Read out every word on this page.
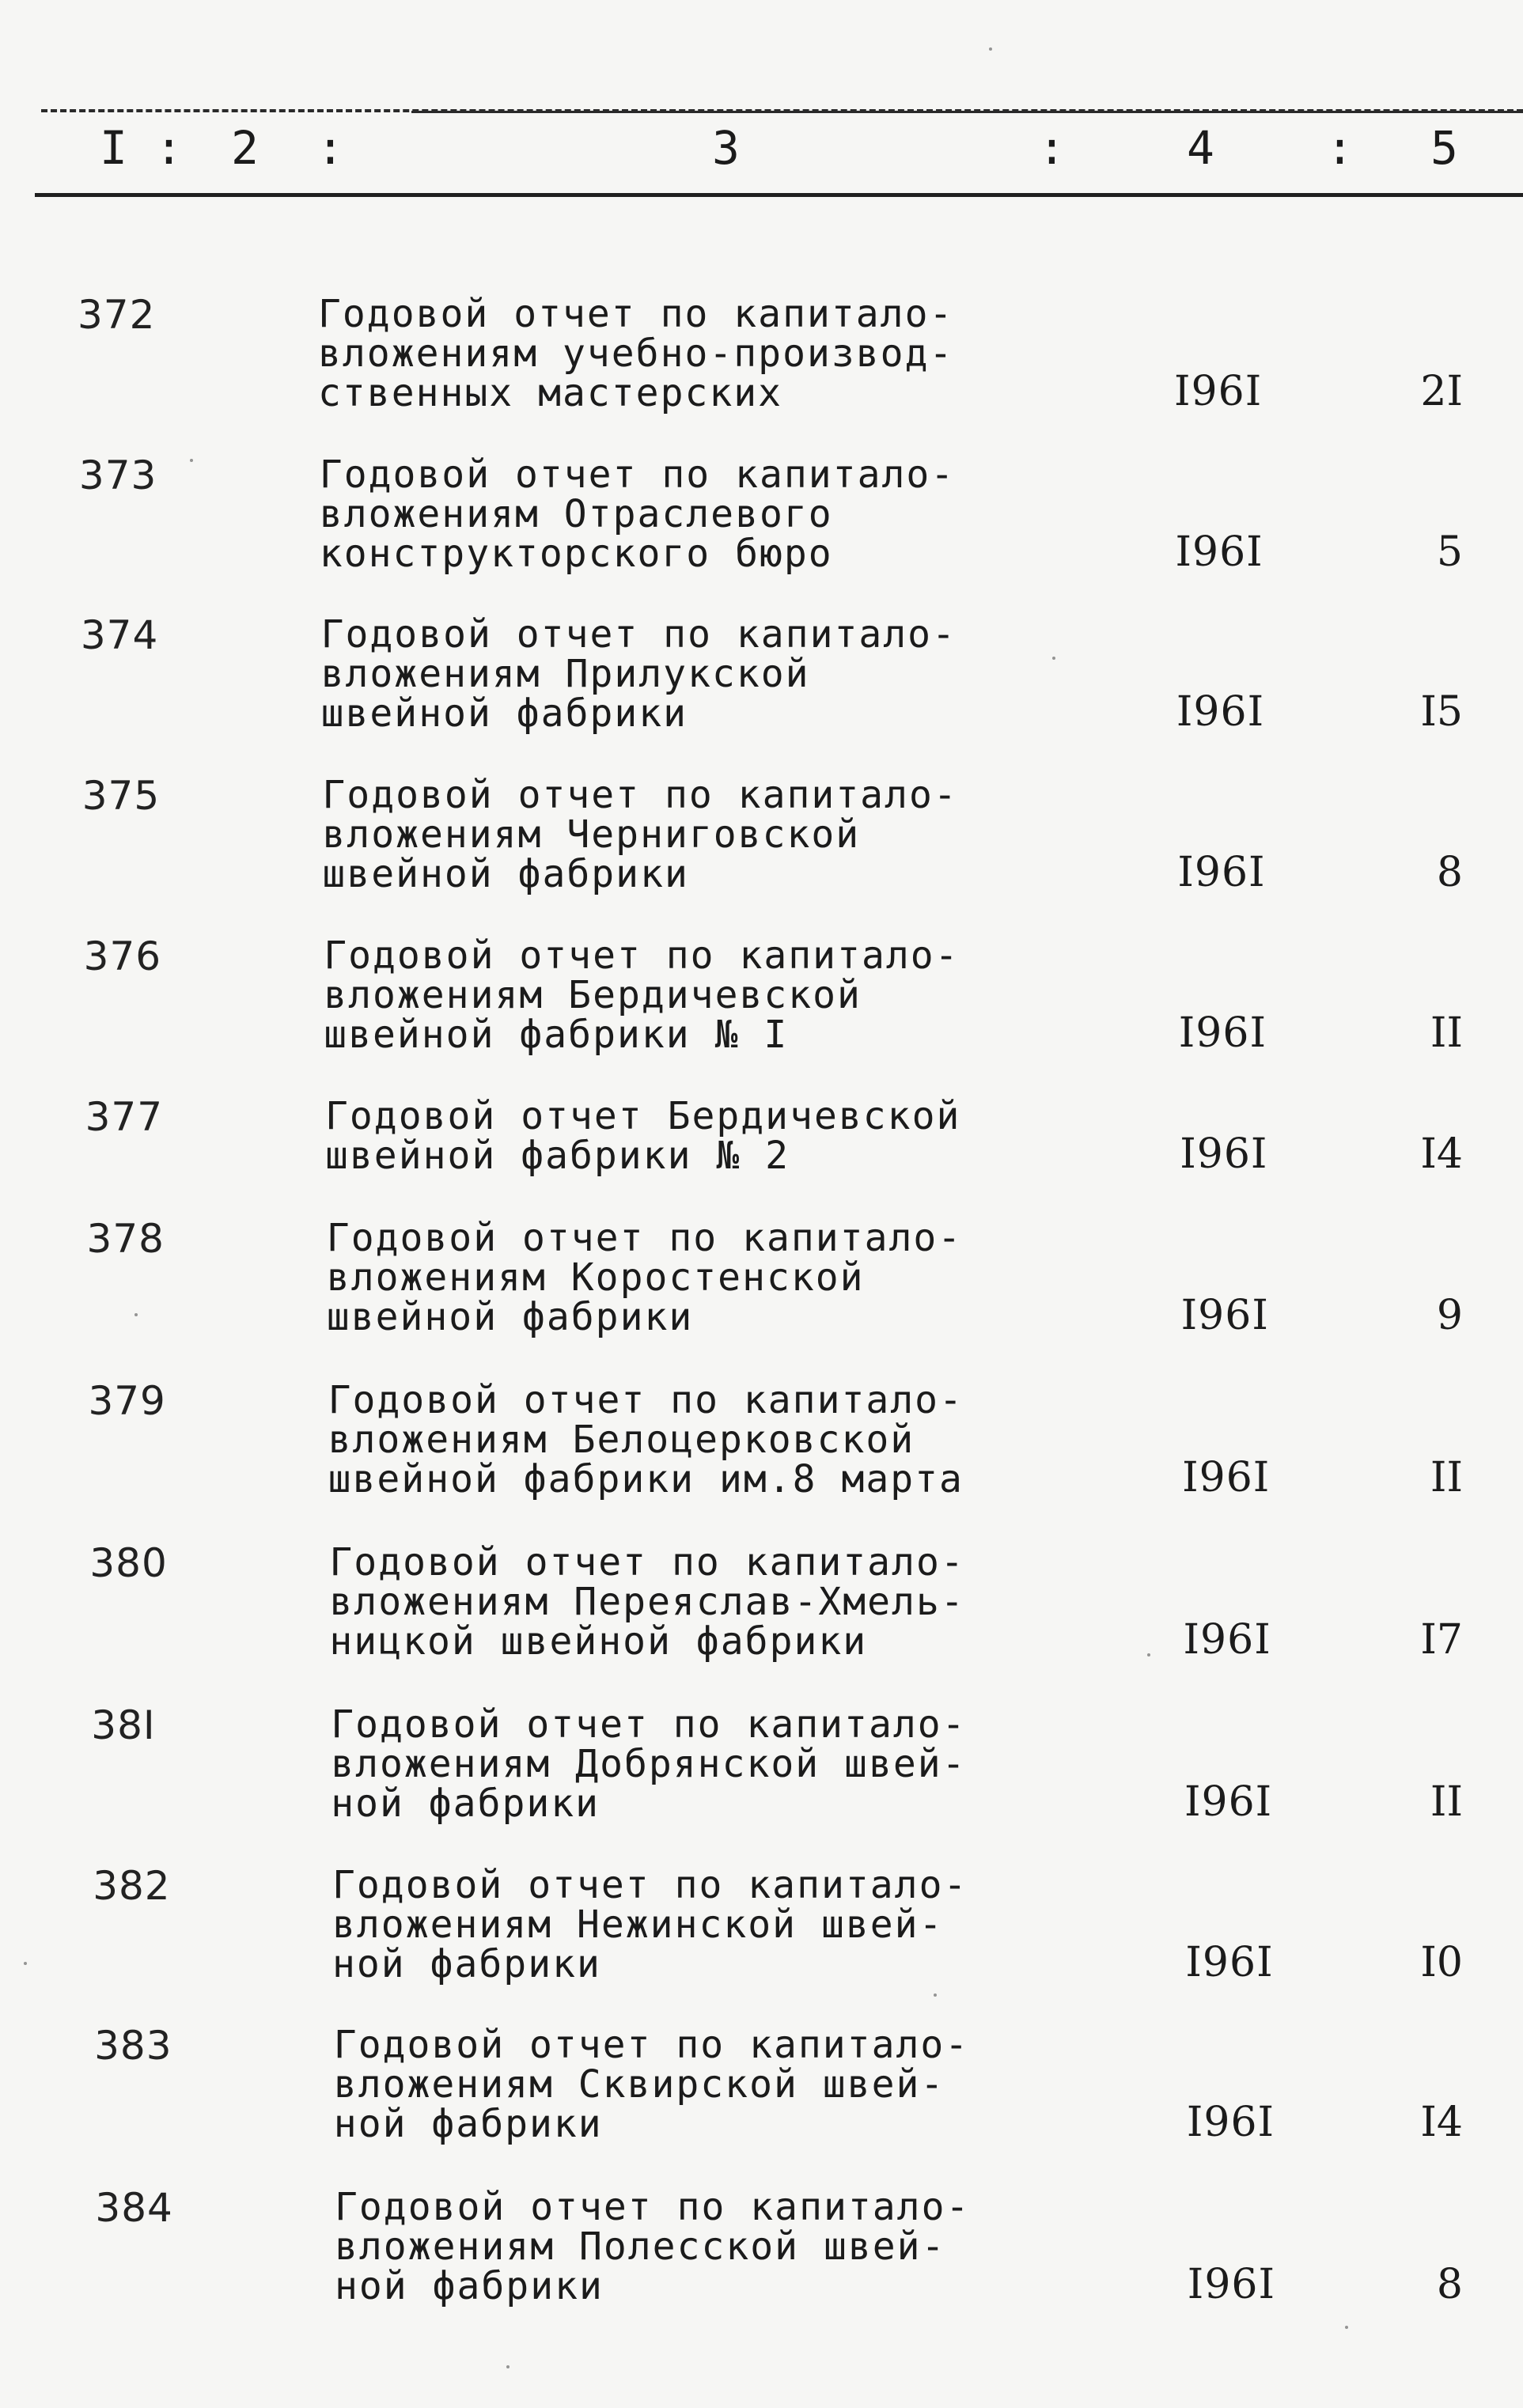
I : 2 :	3	:	4 : 5
372	Годовой отчет по капитало-
вложениям учебно-производ-
ственных мастерских	I96I	2I
373	Годовой отчет по капитало-
вложениям Отраслевого
конструкторского бюро	I96I	5
374	Годовой отчет по капитало-
вложениям Прилукской
швейной фабрики	I96I	I5
375	Годовой отчет по капитало-
вложениям Черниговской
швейной фабрики	I96I	8
376	Годовой отчет по капитало-
вложениям Бердичевской
швейной фабрики № I	I96I	II
377	Годовой отчет Бердичевской
швейной фабрики № 2	I96I	I4
378	Годовой отчет по капитало-
вложениям Коростенской
швейной фабрики	I96I	9
379	Годовой отчет по капитало-
вложениям Белоцерковской
швейной фабрики им.8 марта	I96I	II
380	Годовой отчет по капитало-
вложениям Переяслав-Хмель-
ницкой швейной фабрики	I96I	I7
38I	Годовой отчет по капитало-
вложениям Добрянской швей-
ной фабрики	I96I	II
382	Годовой отчет по капитало-
вложениям Нежинской швей-
ной фабрики	I96I	I0
383	Годовой отчет по капитало-
вложениям Сквирской швей-
ной фабрики	I96I	I4
384	Годовой отчет по капитало-
вложениям Полесской швей-
ной фабрики	I96I	8
